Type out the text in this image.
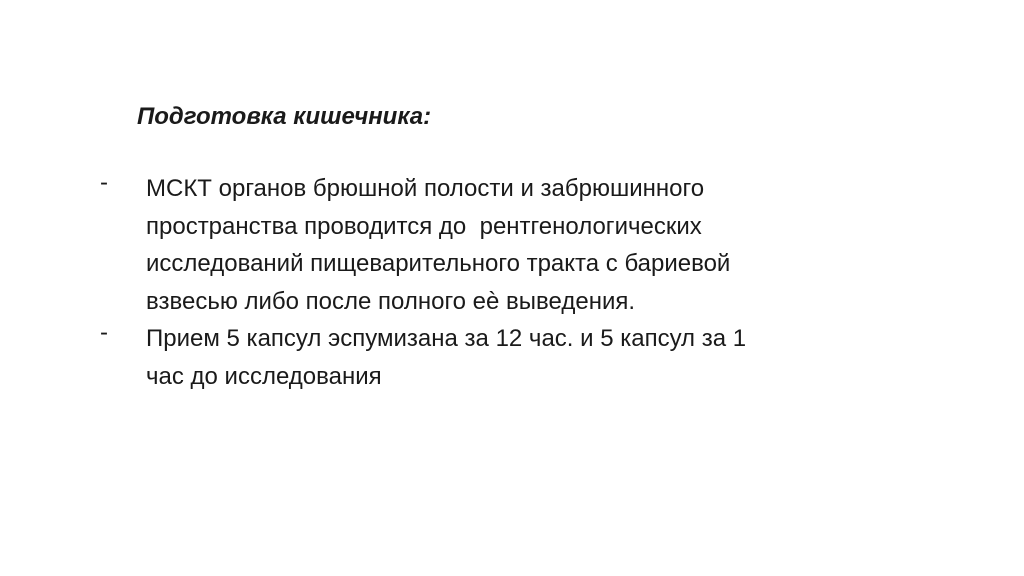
Подготовка кишечника:
- МСКТ органов брюшной полости и забрюшинного
пространства проводится до  рентгенологических
исследований пищеварительного тракта с бариевой
взвесью либо после полного еѐ выведения.
- Прием 5 капсул эспумизана за 12 час. и 5 капсул за 1
час до исследования
